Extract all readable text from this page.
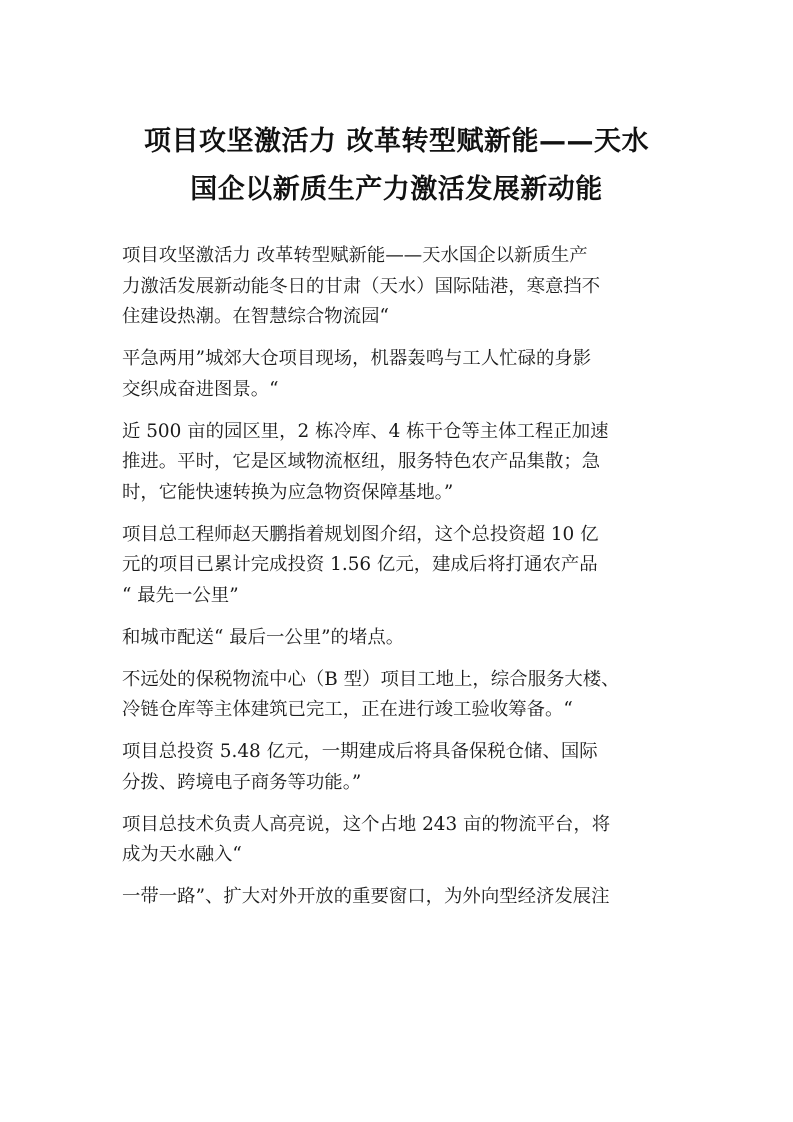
项目攻坚激活力 改革转型赋新能——天水
国企以新质生产力激活发展新动能

项目攻坚激活力 改革转型赋新能——天水国企以新质生产
力激活发展新动能冬日的甘肃（天水）国际陆港，寒意挡不
住建设热潮。在智慧综合物流园“

平急两用”城郊大仓项目现场，机器轰鸣与工人忙碌的身影
交织成奋进图景。“

近 500 亩的园区里，2 栋冷库、4 栋干仓等主体工程正加速
推进。平时，它是区域物流枢纽，服务特色农产品集散；急
时，它能快速转换为应急物资保障基地。”

项目总工程师赵天鹏指着规划图介绍，这个总投资超 10 亿
元的项目已累计完成投资 1.56 亿元，建成后将打通农产品
“ 最先一公里”

和城市配送“ 最后一公里”的堵点。

不远处的保税物流中心（B 型）项目工地上，综合服务大楼、
冷链仓库等主体建筑已完工，正在进行竣工验收筹备。“

项目总投资 5.48 亿元，一期建成后将具备保税仓储、国际
分拨、跨境电子商务等功能。”

项目总技术负责人高亮说，这个占地 243 亩的物流平台，将
成为天水融入“

一带一路”、扩大对外开放的重要窗口，为外向型经济发展注
